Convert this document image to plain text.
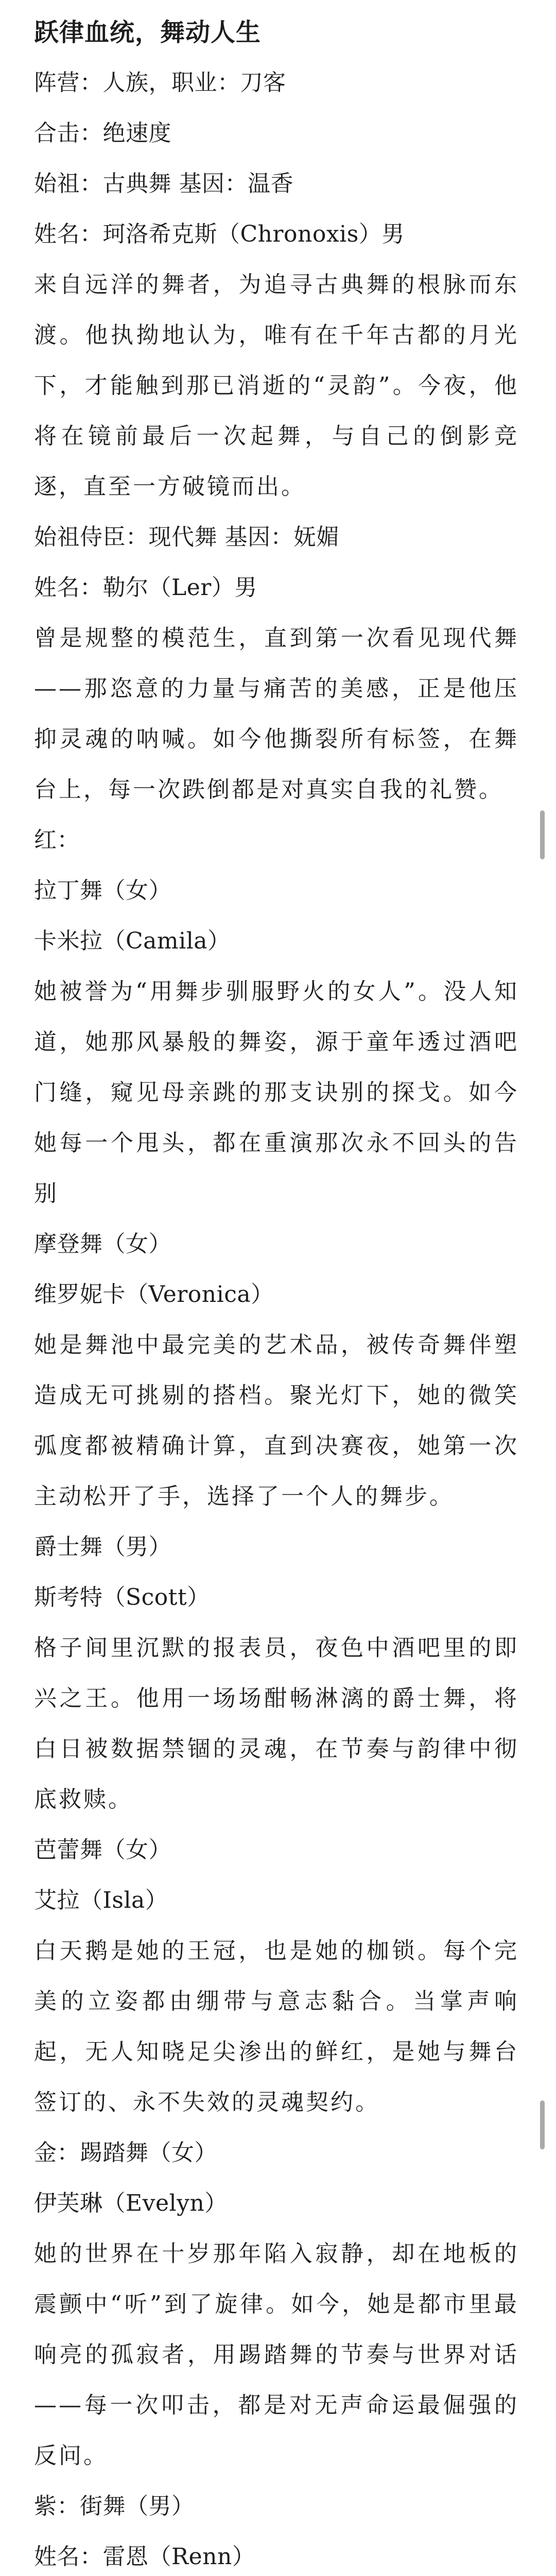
跃律血统，舞动人生
阵营：人族，职业：刀客
合击：绝速度
始祖：古典舞 基因：温香
姓名：珂洛希克斯（Chronoxis）男

来自远洋的舞者，为追寻古典舞的根脉而东渡。他执拗地认为，唯有在千年古都的月光下，才能触到那已消逝的“灵韵”。今夜，他将在镜前最后一次起舞，与自己的倒影竞逐，直至一方破镜而出。

始祖侍臣：现代舞 基因：妩媚
姓名：勒尔（Ler）男

曾是规整的模范生，直到第一次看见现代舞——那恣意的力量与痛苦的美感，正是他压抑灵魂的呐喊。如今他撕裂所有标签，在舞台上，每一次跌倒都是对真实自我的礼赞。

红：
拉丁舞（女）
卡米拉（Camila）

她被誉为“用舞步驯服野火的女人”。没人知道，她那风暴般的舞姿，源于童年透过酒吧门缝，窥见母亲跳的那支诀别的探戈。如今她每一个甩头，都在重演那次永不回头的告别

摩登舞（女）
维罗妮卡（Veronica）

她是舞池中最完美的艺术品，被传奇舞伴塑造成无可挑剔的搭档。聚光灯下，她的微笑弧度都被精确计算，直到决赛夜，她第一次主动松开了手，选择了一个人的舞步。

爵士舞（男）
斯考特（Scott）

格子间里沉默的报表员，夜色中酒吧里的即兴之王。他用一场场酣畅淋漓的爵士舞，将白日被数据禁锢的灵魂，在节奏与韵律中彻底救赎。

芭蕾舞（女）
艾拉（Isla）

白天鹅是她的王冠，也是她的枷锁。每个完美的立姿都由绷带与意志黏合。当掌声响起，无人知晓足尖渗出的鲜红，是她与舞台签订的、永不失效的灵魂契约。

金：踢踏舞（女）
伊芙琳（Evelyn）

她的世界在十岁那年陷入寂静，却在地板的震颤中“听”到了旋律。如今，她是都市里最响亮的孤寂者，用踢踏舞的节奏与世界对话——每一次叩击，都是对无声命运最倔强的反问。

紫：街舞（男）
姓名：雷恩（Renn）
